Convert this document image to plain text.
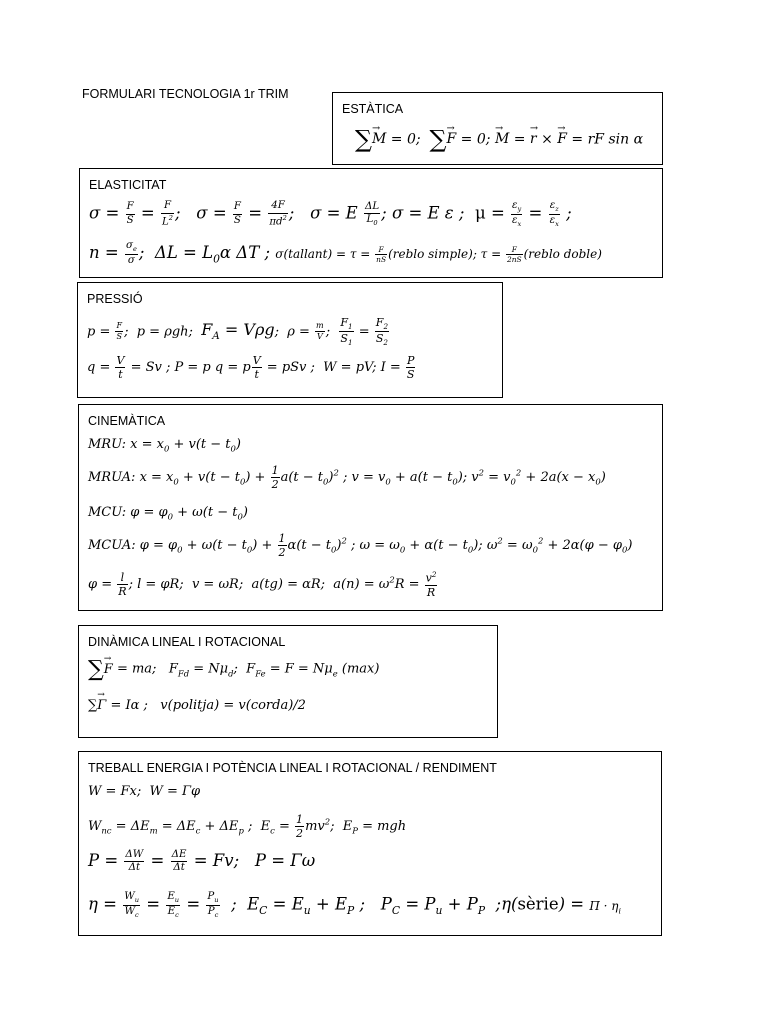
FORMULARI TECNOLOGIA 1r TRIM
ESTÀTICA
∑→ M = 0;  ∑→ F = 0; → M = → r × → F = rF sin α
ELASTICITAT
$\sigma = \frac{F}{S} = \frac{F}{L^2}$ ;   $\sigma = \frac{F}{S} = \frac{4F}{\pi d^2}$ ;   σ = E $\frac{\Delta L}{L_0}$ ; σ = E ε ;  $\mu = \frac{\varepsilon_y}{\varepsilon_x} = \frac{\varepsilon_z}{\varepsilon_x}$ ;
$n = \frac{\sigma_e}{\sigma}$ ;  $\Delta L = L_0\alpha$ ΔT ; σ(tallant) = $\tau = \frac{F}{nS}$ (reblo simple); $\tau = \frac{F}{2nS}$ (reblo doble)
PRESSIÓ
$p = \frac{F}{S}$ ;  p = ρgh;  $F_A = V\rho g$;  $\rho = \frac{m}{V}$ ; $\frac{F_1}{S_1} = \frac{F_2}{S_2}$
$q = \frac{V}{t} = Sv$ ; P = p q = p $\frac{V}{t}$ = pSv ;  W = pV; $I = \frac{P}{S}$
CINEMÀTICA
MRU: $x = x_0 + v(t - t_0)$
MRUA: $x = x_0 + v(t - t_0) + \frac{1}{2} a(t - t_0)^2$ ; $v = v_0 + a(t - t_0)$; $v^2 = v_0^2 + 2a(x - x_0)$
MCU: $\varphi = \varphi_0 + \omega(t - t_0)$
MCUA: $\varphi = \varphi_0 + \omega(t - t_0) + \frac{1}{2} \alpha(t - t_0)^2$ ; $\omega = \omega_0 + \alpha(t - t_0)$; $\omega^2 = \omega_0^2 + 2\alpha(\varphi - \varphi_0)$
$\varphi = \frac{l}{R}$ ; l = φR;  v = ωR;  a(tg) = αR;  $a(n) = \omega^2R = \frac{v^2}{R}$
DINÀMICA LINEAL I ROTACIONAL
∑→ F = ma;   $F_{Fd} = N\mu_d$;  $F_{Fe} = F = N\mu_e$ (max)
∑→ Γ = Iα ;   v(politja) = v(corda)/2
TREBALL ENERGIA I POTÈNCIA LINEAL I ROTACIONAL / RENDIMENT
W = Fx;  W = Γφ
$W_{nc} = \Delta E_m = \Delta E_c + \Delta E_p$ ;  $E_c = \frac{1}{2} mv^2$;  $E_P$ = mgh
$P = \frac{\Delta W}{\Delta t} = \frac{\Delta E}{\Delta t} = Fv$;   P = Γω
$\eta = \frac{W_u}{W_c} = \frac{E_u}{E_c} = \frac{P_u}{P_c}$ ;  $E_C = E_u + E_P$ ;   $P_C = P_u + P_P$  ;η(sèrie) = $\Pi \cdot \eta_i$
